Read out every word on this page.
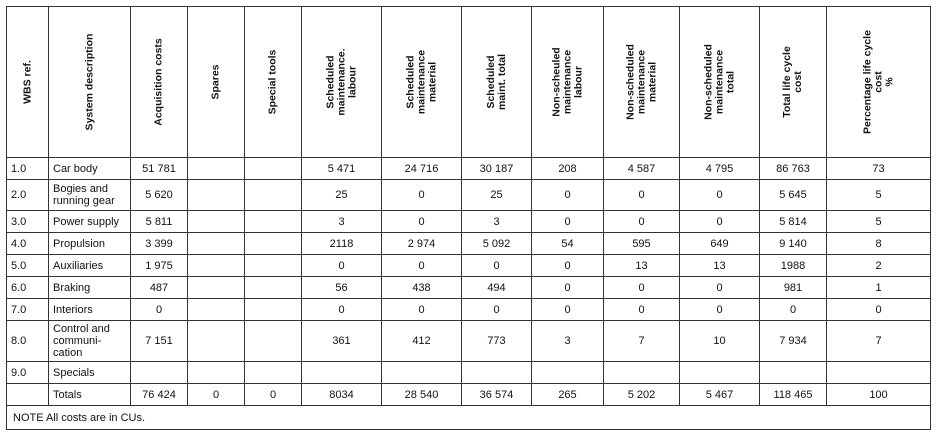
WBS ref.	System description	Acquisition costs	Spares	Special tools	Scheduled
maintenance.
labour	Scheduled
maintenance
material	Scheduled
maint. total	Non-scheuled
maintenance
labour	Non-scheduled
maintenance
material	Non-scheduled
maintenance
total	Total life cycle
cost	Percentage life cycle
cost
%

1.0	Car body	51 781			5 471	24 716	30 187	208	4 587	4 795	86 763	73
2.0	Bogies and
running gear	5 620			25	0	25	0	0	0	5 645	5
3.0	Power supply	5 811			3	0	3	0	0	0	5 814	5
4.0	Propulsion	3 399			2118	2 974	5 092	54	595	649	9 140	8
5.0	Auxiliaries	1 975			0	0	0	0	13	13	1988	2
6.0	Braking	487			56	438	494	0	0	0	981	1
7.0	Interiors	0			0	0	0	0	0	0	0	0
8.0	Control and
communi-
cation	7 151			361	412	773	3	7	10	7 934	7
9.0	Specials											
	Totals	76 424	0	0	8034	28 540	36 574	265	5 202	5 467	118 465	100
NOTE All costs are in CUs.												
